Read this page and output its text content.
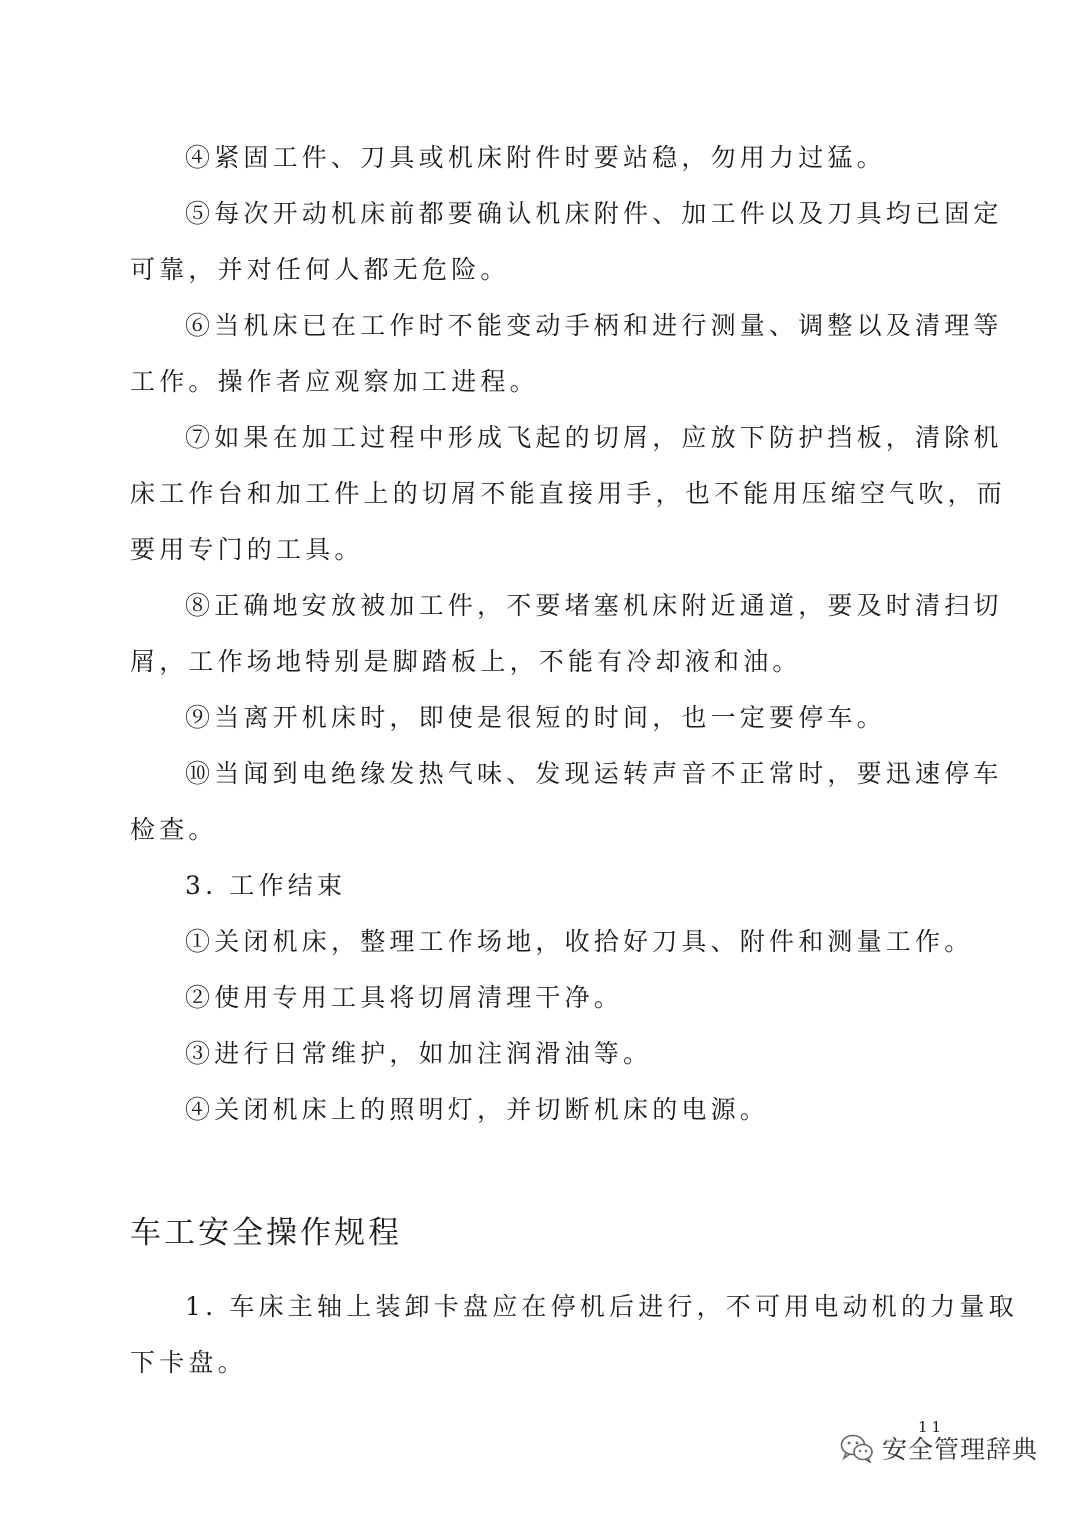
④紧固工件、刀具或机床附件时要站稳，勿用力过猛。

⑤每次开动机床前都要确认机床附件、加工件以及刀具均已固定
可靠，并对任何人都无危险。

⑥当机床已在工作时不能变动手柄和进行测量、调整以及清理等
工作。操作者应观察加工进程。

⑦如果在加工过程中形成飞起的切屑，应放下防护挡板，清除机
床工作台和加工件上的切屑不能直接用手，也不能用压缩空气吹，而
要用专门的工具。

⑧正确地安放被加工件，不要堵塞机床附近通道，要及时清扫切
屑，工作场地特别是脚踏板上，不能有冷却液和油。

⑨当离开机床时，即使是很短的时间，也一定要停车。

⑩当闻到电绝缘发热气味、发现运转声音不正常时，要迅速停车
检查。

3. 工作结束

①关闭机床，整理工作场地，收拾好刀具、附件和测量工作。

②使用专用工具将切屑清理干净。

③进行日常维护，如加注润滑油等。

④关闭机床上的照明灯，并切断机床的电源。

车工安全操作规程

1. 车床主轴上装卸卡盘应在停机后进行，不可用电动机的力量取
下卡盘。

11
安全管理辞典
